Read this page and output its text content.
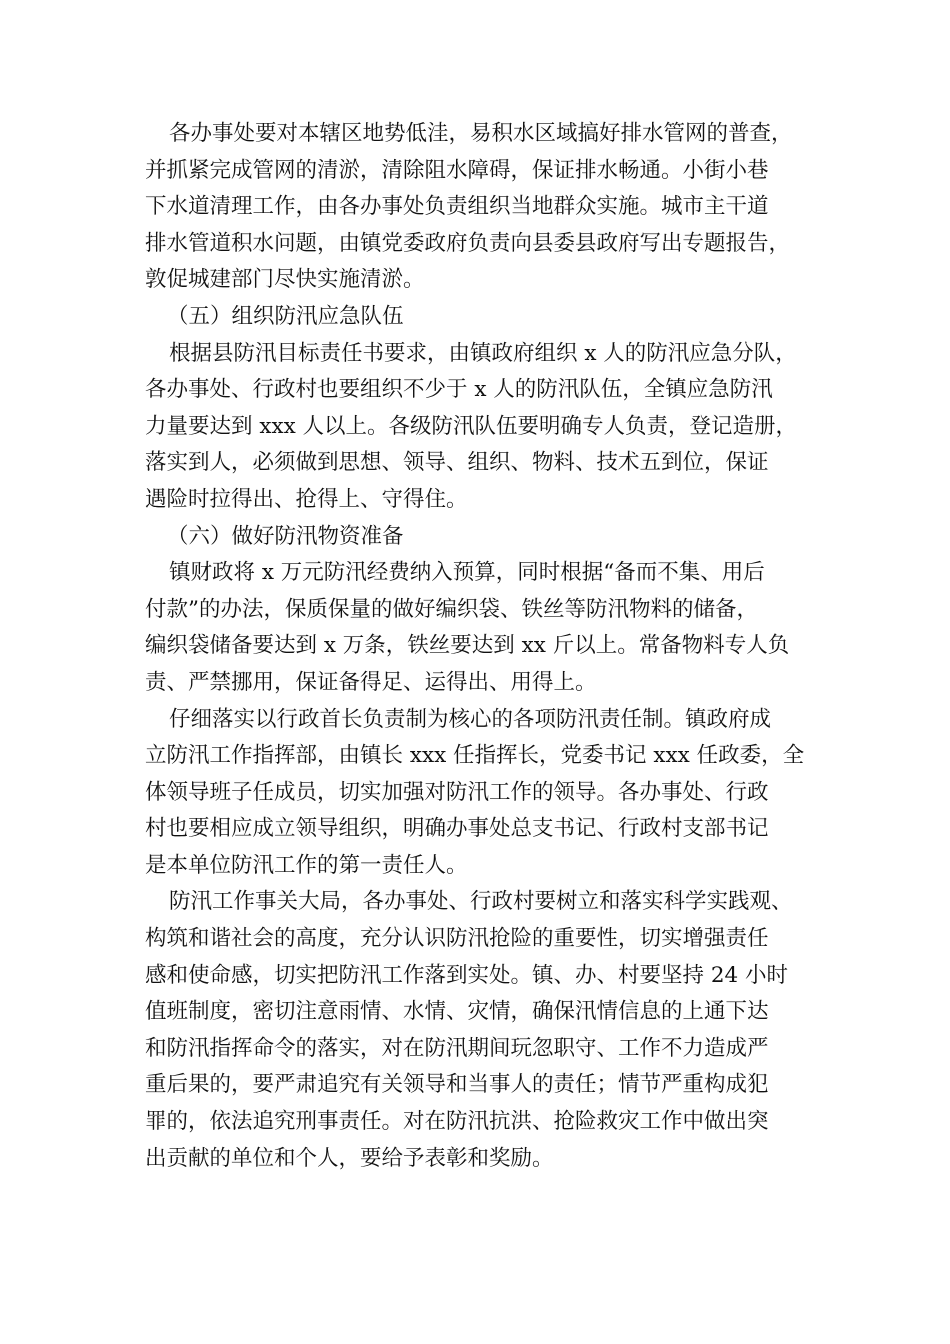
各办事处要对本辖区地势低洼，易积水区域搞好排水管网的普查，
并抓紧完成管网的清淤，清除阻水障碍，保证排水畅通。小街小巷
下水道清理工作，由各办事处负责组织当地群众实施。城市主干道
排水管道积水问题，由镇党委政府负责向县委县政府写出专题报告，
敦促城建部门尽快实施清淤。
（五）组织防汛应急队伍
根据县防汛目标责任书要求，由镇政府组织 x 人的防汛应急分队，
各办事处、行政村也要组织不少于 x 人的防汛队伍，全镇应急防汛
力量要达到 xxx 人以上。各级防汛队伍要明确专人负责，登记造册，
落实到人，必须做到思想、领导、组织、物料、技术五到位，保证
遇险时拉得出、抢得上、守得住。
（六）做好防汛物资准备
镇财政将 x 万元防汛经费纳入预算，同时根据“备而不集、用后
付款”的办法，保质保量的做好编织袋、铁丝等防汛物料的储备，
编织袋储备要达到 x 万条，铁丝要达到 xx 斤以上。常备物料专人负
责、严禁挪用，保证备得足、运得出、用得上。
仔细落实以行政首长负责制为核心的各项防汛责任制。镇政府成
立防汛工作指挥部，由镇长 xxx 任指挥长，党委书记 xxx 任政委，全
体领导班子任成员，切实加强对防汛工作的领导。各办事处、行政
村也要相应成立领导组织，明确办事处总支书记、行政村支部书记
是本单位防汛工作的第一责任人。
防汛工作事关大局，各办事处、行政村要树立和落实科学实践观、
构筑和谐社会的高度，充分认识防汛抢险的重要性，切实增强责任
感和使命感，切实把防汛工作落到实处。镇、办、村要坚持 24 小时
值班制度，密切注意雨情、水情、灾情，确保汛情信息的上通下达
和防汛指挥命令的落实，对在防汛期间玩忽职守、工作不力造成严
重后果的，要严肃追究有关领导和当事人的责任；情节严重构成犯
罪的，依法追究刑事责任。对在防汛抗洪、抢险救灾工作中做出突
出贡献的单位和个人，要给予表彰和奖励。
